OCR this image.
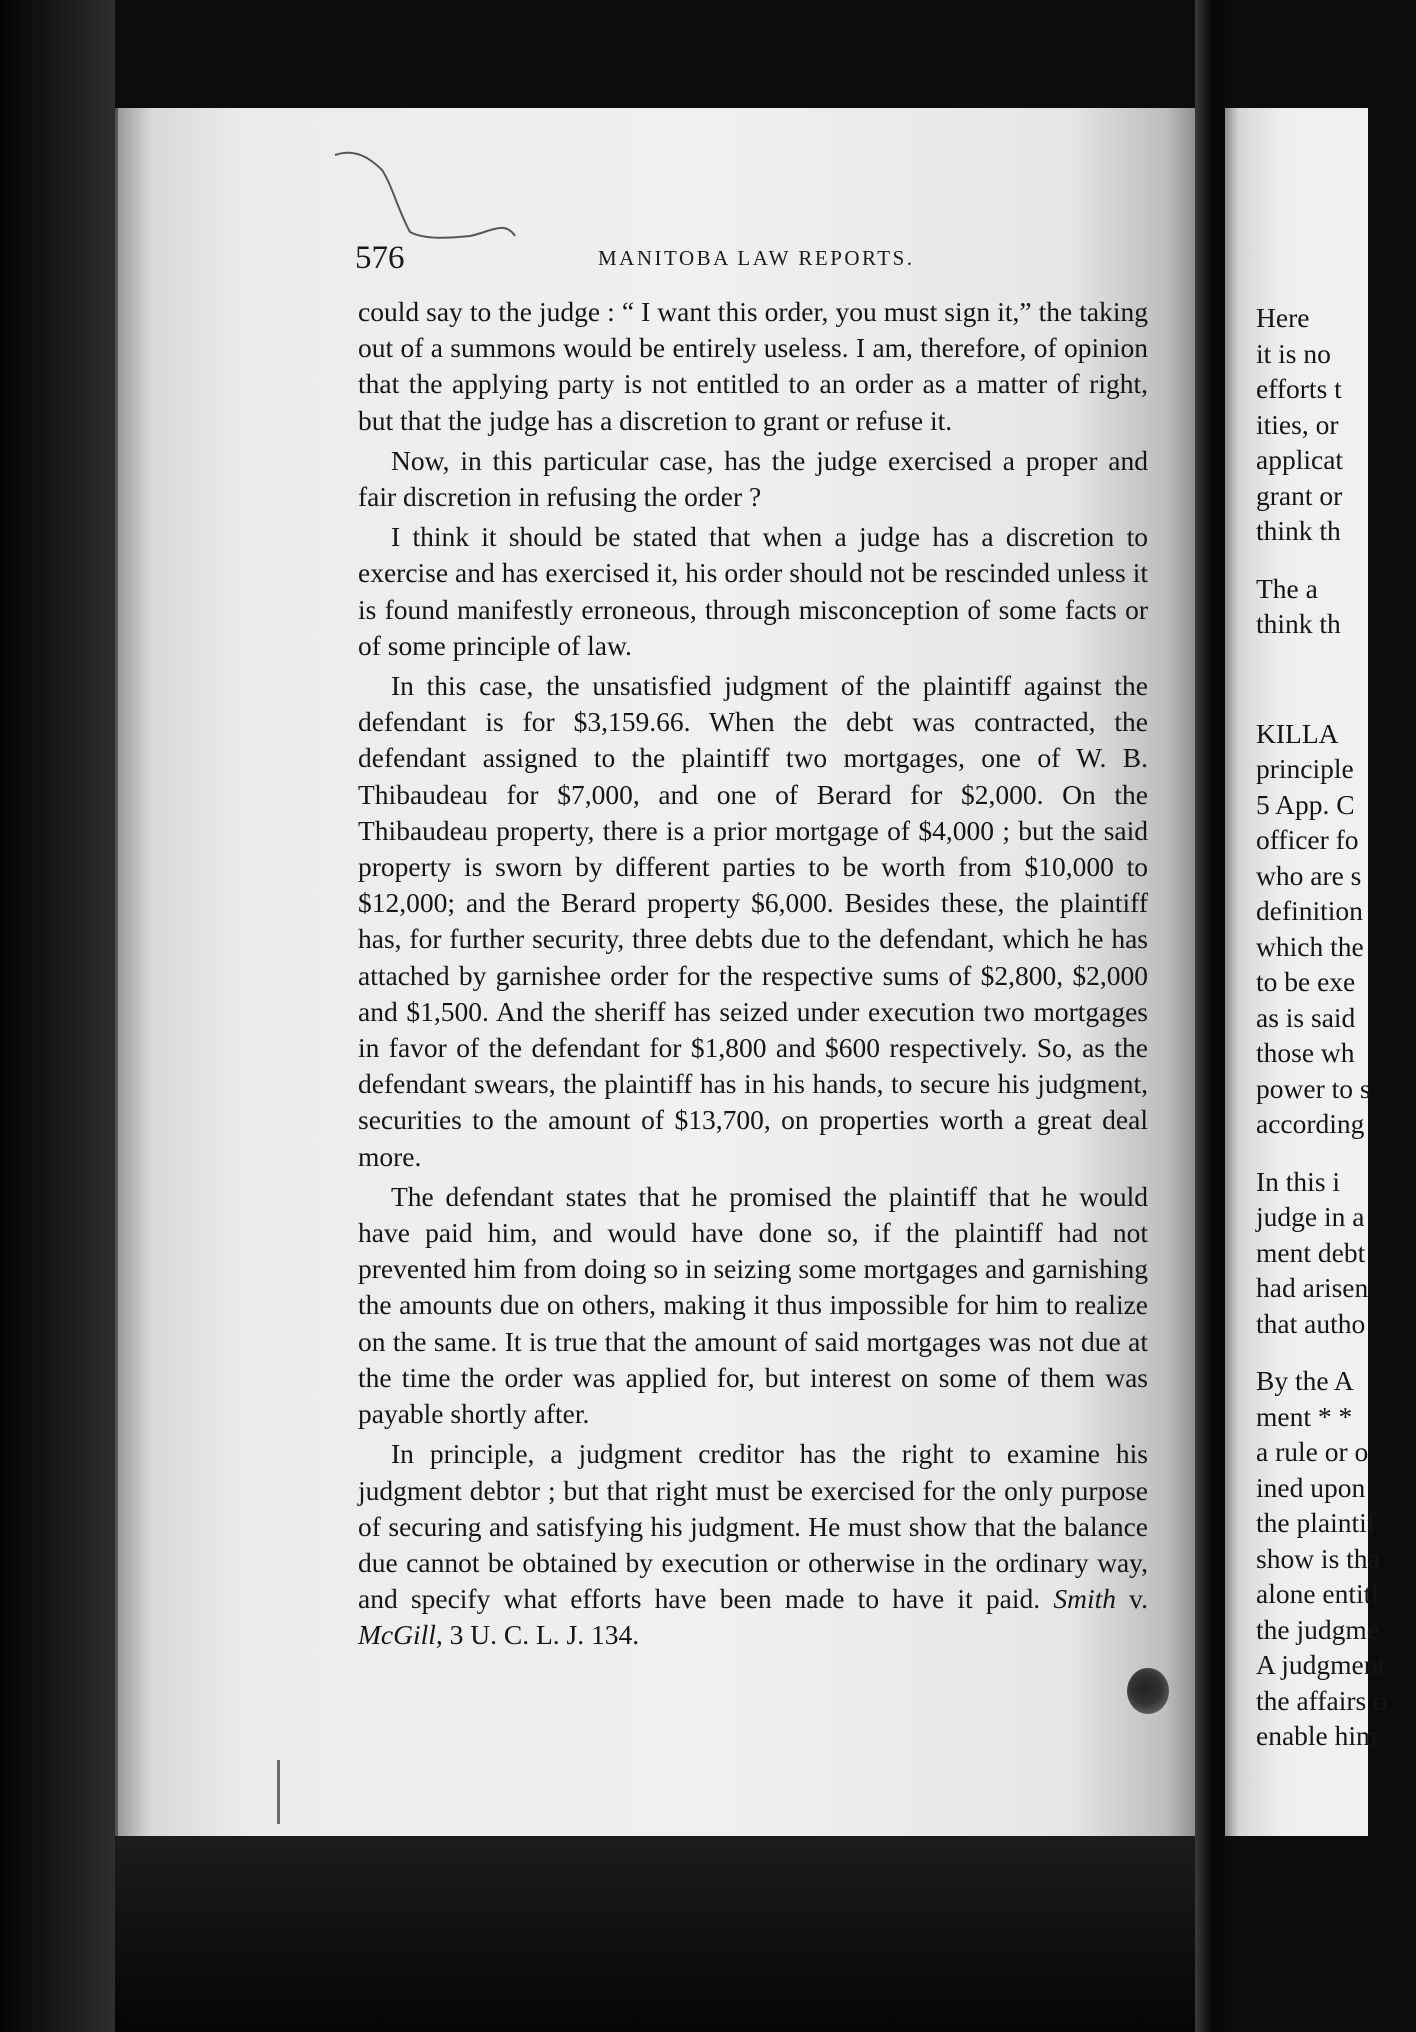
576	MANITOBA LAW REPORTS.

could say to the judge : “ I want this order, you must sign it,” the taking out of a summons would be entirely useless. I am, therefore, of opinion that the applying party is not entitled to an order as a matter of right, but that the judge has a discretion to grant or refuse it.

Now, in this particular case, has the judge exercised a proper and fair discretion in refusing the order ?

I think it should be stated that when a judge has a discretion to exercise and has exercised it, his order should not be rescinded unless it is found manifestly erroneous, through misconception of some facts or of some principle of law.

In this case, the unsatisfied judgment of the plaintiff against the defendant is for $3,159.66. When the debt was contracted, the defendant assigned to the plaintiff two mortgages, one of W. B. Thibaudeau for $7,000, and one of Berard for $2,000. On the Thibaudeau property, there is a prior mortgage of $4,000 ; but the said property is sworn by different parties to be worth from $10,000 to $12,000; and the Berard property $6,000. Besides these, the plaintiff has, for further security, three debts due to the defendant, which he has attached by garnishee order for the respective sums of $2,800, $2,000 and $1,500. And the sheriff has seized under execution two mortgages in favor of the defendant for $1,800 and $600 respectively. So, as the defendant swears, the plaintiff has in his hands, to secure his judgment, securities to the amount of $13,700, on properties worth a great deal more.

The defendant states that he promised the plaintiff that he would have paid him, and would have done so, if the plaintiff had not prevented him from doing so in seizing some mortgages and garnishing the amounts due on others, making it thus impossible for him to realize on the same. It is true that the amount of said mortgages was not due at the time the order was applied for, but interest on some of them was payable shortly after.

In principle, a judgment creditor has the right to examine his judgment debtor ; but that right must be exercised for the only purpose of securing and satisfying his judgment. He must show that the balance due cannot be obtained by execution or otherwise in the ordinary way, and specify what efforts have been made to have it paid. Smith v. McGill, 3 U. C. L. J. 134.

Here
it is no
efforts t
ities, or
applicat
grant or
think th
The a
think th
KILLA
principle
5 App. C
officer fo
who are s
definition
which the
to be exe
as is said
those wh
power to s
according
In this i
judge in a
ment debt
had arisen
that autho
By the A
ment * *
a rule or o
ined upon
the plaintif
show is tha
alone entitl
the judgme
A judgment
the affairs o
enable him
